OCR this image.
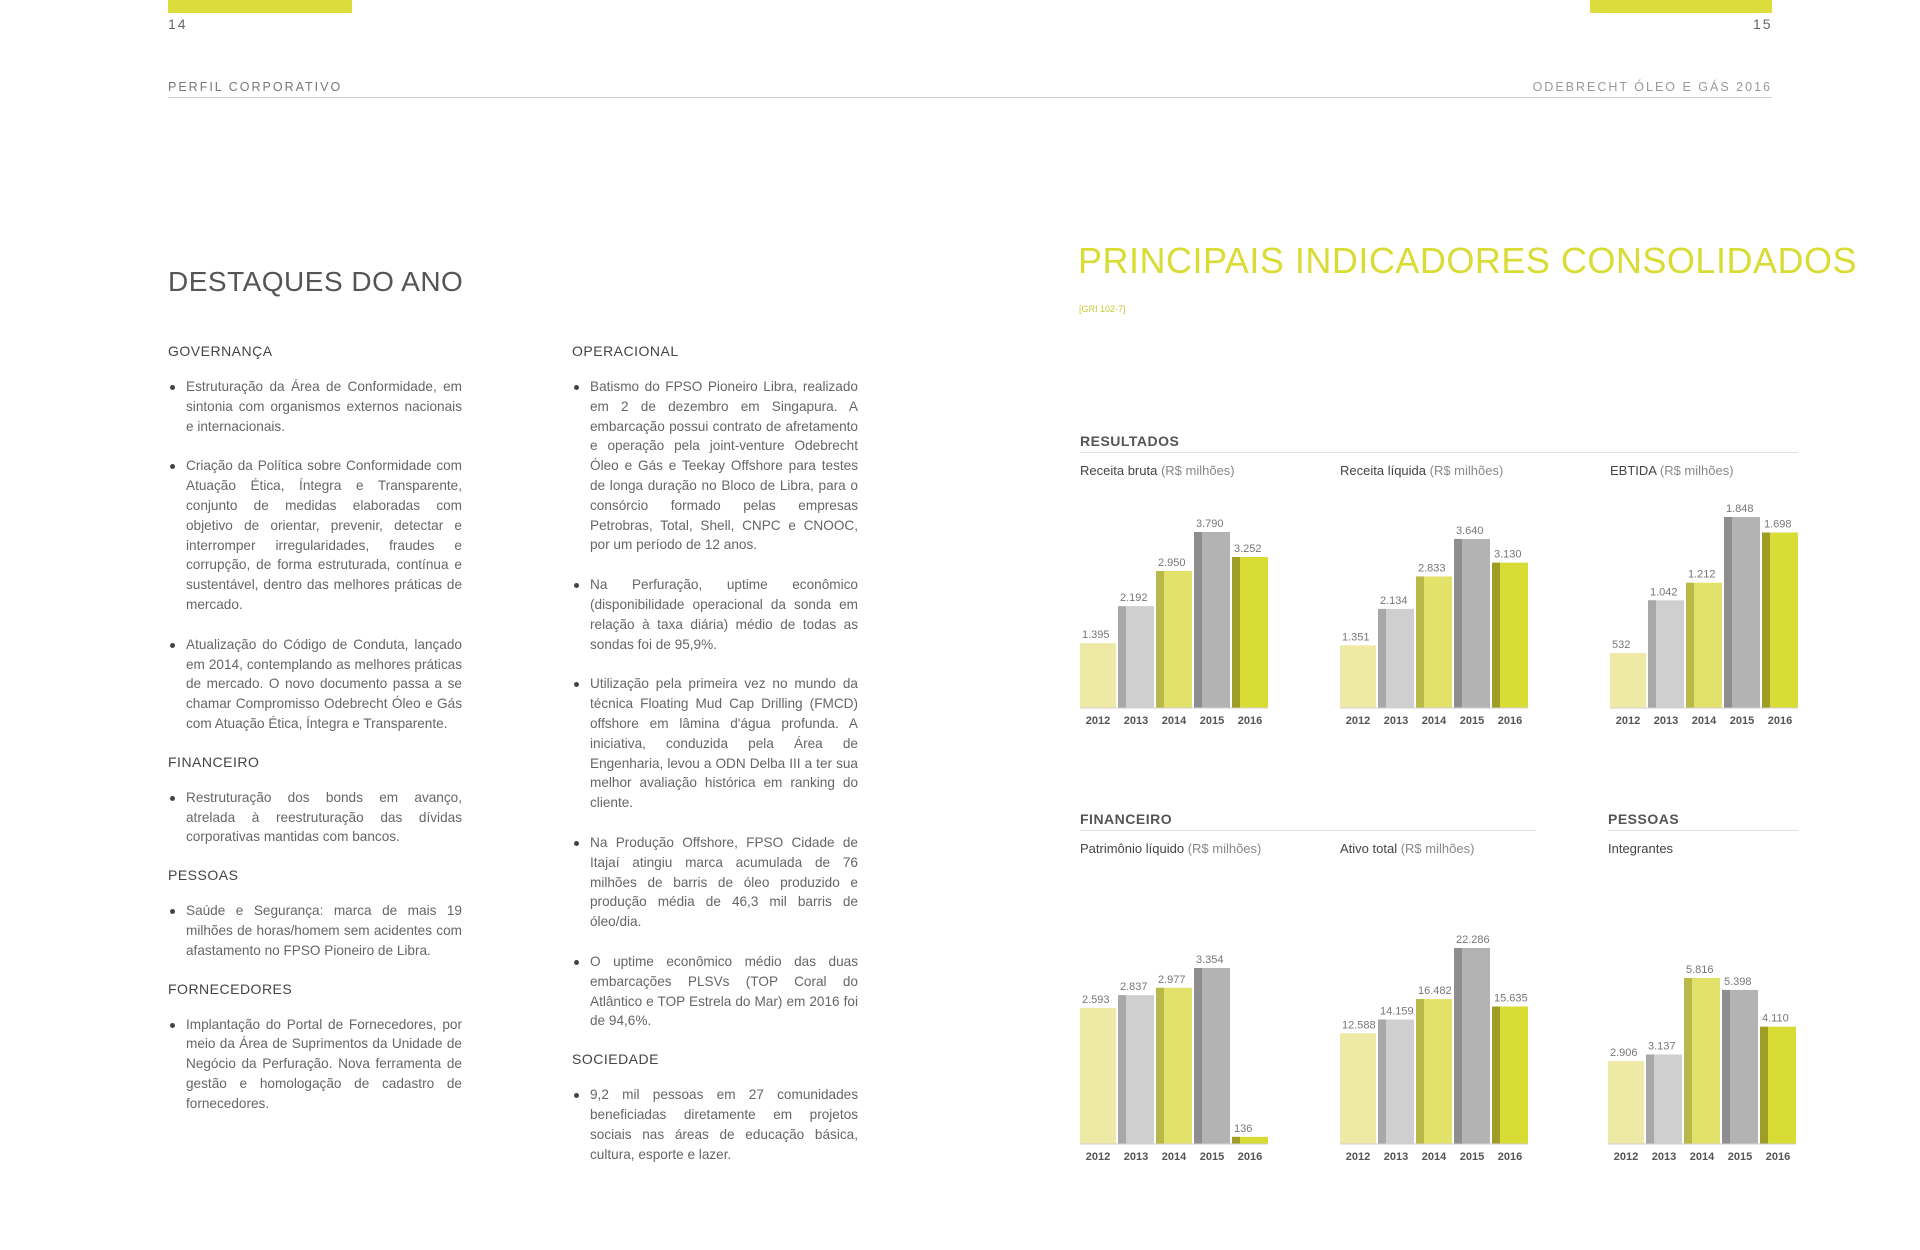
14	15
PERFIL CORPORATIVO	ODEBRECHT ÓLEO E GÁS 2016
DESTAQUES DO ANO
GOVERNANÇA
Estruturação da Área de Conformidade, em sintonia com organismos externos nacionais e internacionais.
Criação da Política sobre Conformidade com Atuação Ética, Íntegra e Transparente, conjunto de medidas elaboradas com objetivo de orientar, prevenir, detectar e interromper irregularidades, fraudes e corrupção, de forma estruturada, contínua e sustentável, dentro das melhores práticas de mercado.
Atualização do Código de Conduta, lançado em 2014, contemplando as melhores práticas de mercado. O novo documento passa a se chamar Compromisso Odebrecht Óleo e Gás com Atuação Ética, Íntegra e Transparente.
FINANCEIRO
Restruturação dos bonds em avanço, atrelada à reestruturação das dívidas corporativas mantidas com bancos.
PESSOAS
Saúde e Segurança: marca de mais 19 milhões de horas/homem sem acidentes com afastamento no FPSO Pioneiro de Libra.
FORNECEDORES
Implantação do Portal de Fornecedores, por meio da Área de Suprimentos da Unidade de Negócio da Perfuração. Nova ferramenta de gestão e homologação de cadastro de fornecedores.
OPERACIONAL
Batismo do FPSO Pioneiro Libra, realizado em 2 de dezembro em Singapura. A embarcação possui contrato de afretamento e operação pela joint-venture Odebrecht Óleo e Gás e Teekay Offshore para testes de longa duração no Bloco de Libra, para o consórcio formado pelas empresas Petrobras, Total, Shell, CNPC e CNOOC, por um período de 12 anos.
Na Perfuração, uptime econômico (disponibilidade operacional da sonda em relação à taxa diária) médio de todas as sondas foi de 95,9%.
Utilização pela primeira vez no mundo da técnica Floating Mud Cap Drilling (FMCD) offshore em lâmina d'água profunda. A iniciativa, conduzida pela Área de Engenharia, levou a ODN Delba III a ter sua melhor avaliação histórica em ranking do cliente.
Na Produção Offshore, FPSO Cidade de Itajaí atingiu marca acumulada de 76 milhões de barris de óleo produzido e produção média de 46,3 mil barris de óleo/dia.
O uptime econômico médio das duas embarcações PLSVs (TOP Coral do Atlântico e TOP Estrela do Mar) em 2016 foi de 94,6%.
SOCIEDADE
9,2 mil pessoas em 27 comunidades beneficiadas diretamente em projetos sociais nas áreas de educação básica, cultura, esporte e lazer.
PRINCIPAIS INDICADORES CONSOLIDADOS
[GRI 102-7]
RESULTADOS
FINANCEIRO	PESSOAS
Receita bruta (R$ milhões)	Receita líquida (R$ milhões)	EBTIDA (R$ milhões)
Patrimônio líquido (R$ milhões)	Ativo total (R$ milhões)	Integrantes
1.395
2012
2.192
2013
2.950
2014
3.790
2015
3.252
2016
1.351
2012
2.134
2013
2.833
2014
3.640
2015
3.130
2016
532
2012
1.042
2013
1.212
2014
1.848
2015
1.698
2016
2.593
2012
2.837
2013
2.977
2014
3.354
2015
136
2016
12.588
2012
14.159
2013
16.482
2014
22.286
2015
15.635
2016
2.906
2012
3.137
2013
5.816
2014
5.398
2015
4.110
2016
